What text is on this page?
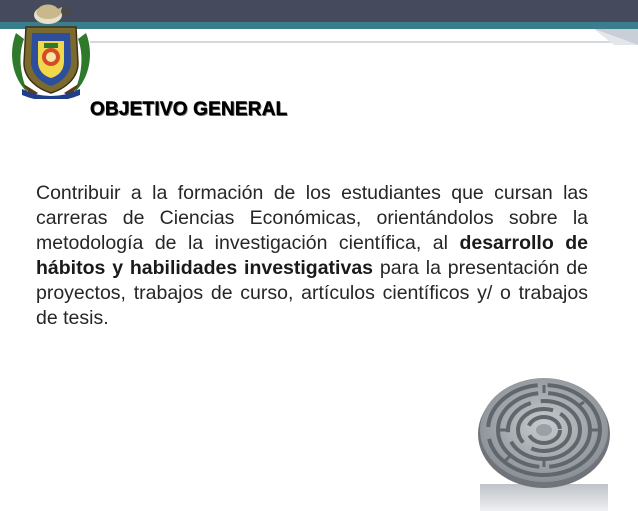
OBJETIVO GENERAL
Contribuir a la formación de los estudiantes que cursan las carreras de Ciencias Económicas, orientándolos sobre la metodología de la investigación científica, al desarrollo de hábitos y habilidades investigativas para la presentación de proyectos, trabajos de curso, artículos científicos y/ o trabajos de tesis.
